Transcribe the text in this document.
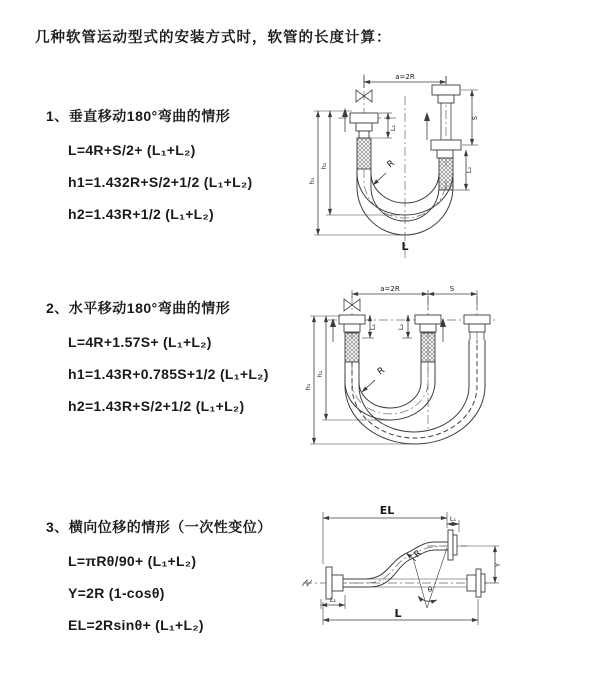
几种软管运动型式的安装方式时，软管的长度计算：
1、垂直移动180°弯曲的情形
L=4R+S/2+ (L₁+L₂)
h1=1.432R+S/2+1/2 (L₁+L₂)
h2=1.43R+1/2 (L₁+L₂)
2、水平移动180°弯曲的情形
L=4R+1.57S+ (L₁+L₂)
h1=1.43R+0.785S+1/2 (L₁+L₂)
h2=1.43R+S/2+1/2 (L₁+L₂)
3、横向位移的情形（一次性变位）
L=πRθ/90+ (L₁+L₂)
Y=2R (1-cosθ)
EL=2Rsinθ+ (L₁+L₂)
a=2R
L₁
h₁
h₂
S
L₂
R
L
a=2R	S
L₁	L₂
h₁
h₂	R
EL
L₁
Y
L₁
L
R
θ
